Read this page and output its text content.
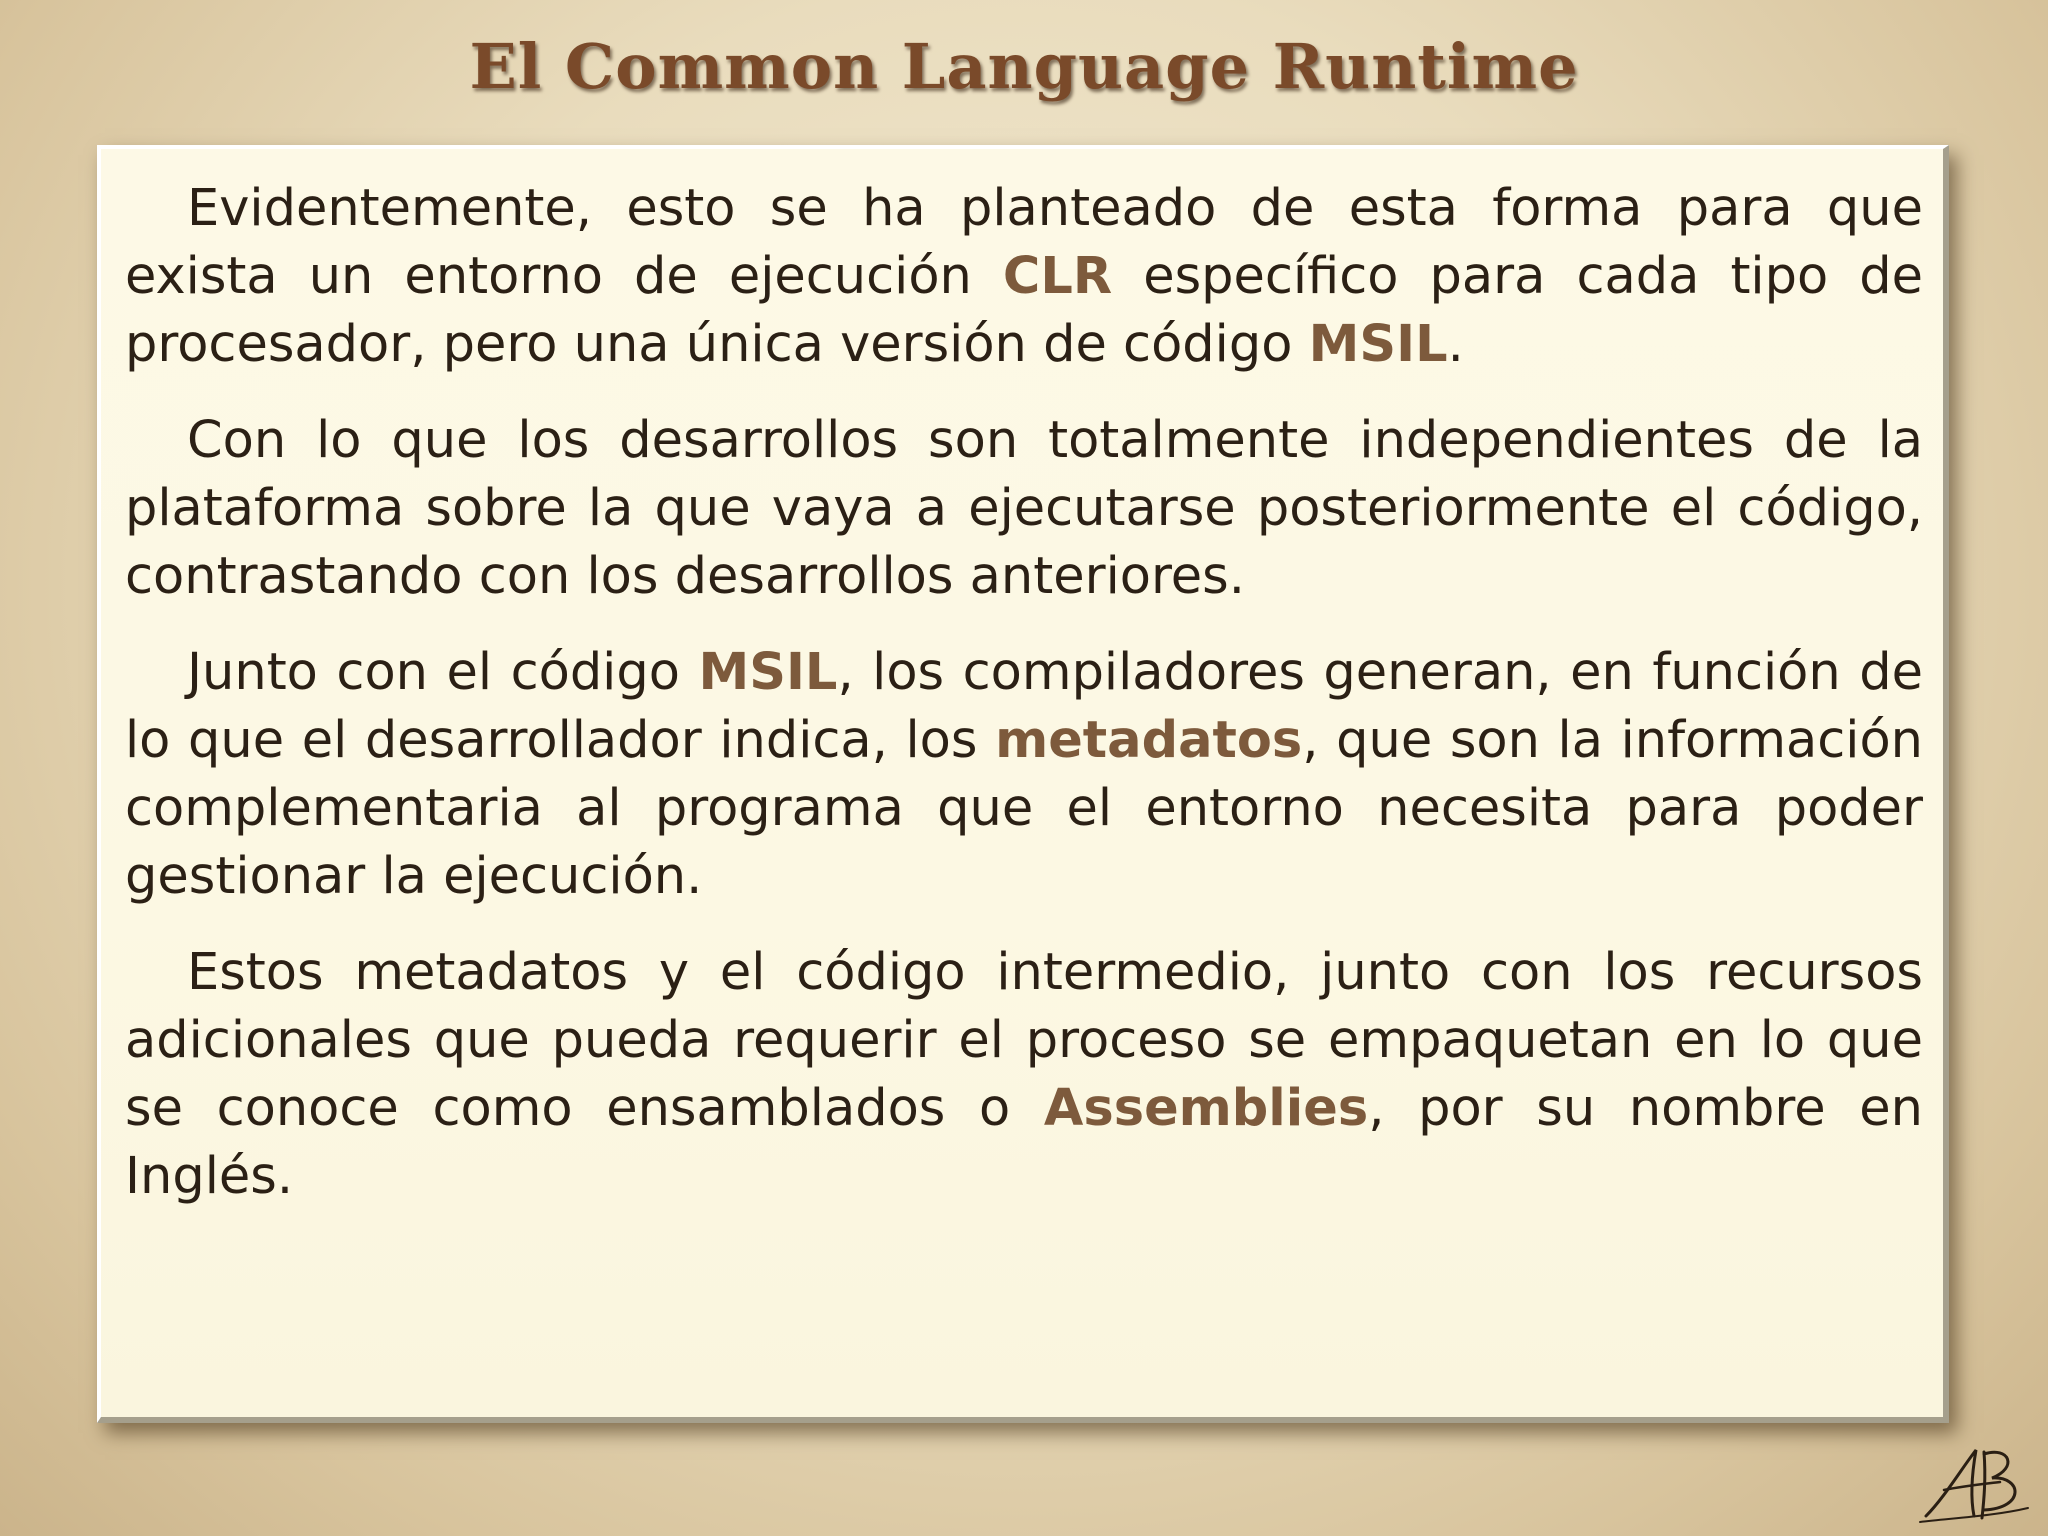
El Common Language Runtime

Evidentemente, esto se ha planteado de esta forma para que exista un entorno de ejecución CLR específico para cada tipo de procesador, pero una única versión de código MSIL.

Con lo que los desarrollos son totalmente independientes de la plataforma sobre la que vaya a ejecutarse posteriormente el código, contrastando con los desarrollos anteriores.

Junto con el código MSIL, los compiladores generan, en función de lo que el desarrollador indica, los metadatos, que son la información complementaria al programa que el entorno necesita para poder gestionar la ejecución.

Estos metadatos y el código intermedio, junto con los recursos adicionales que pueda requerir el proceso se empaquetan en lo que se conoce como ensamblados o Assemblies, por su nombre en Inglés.
